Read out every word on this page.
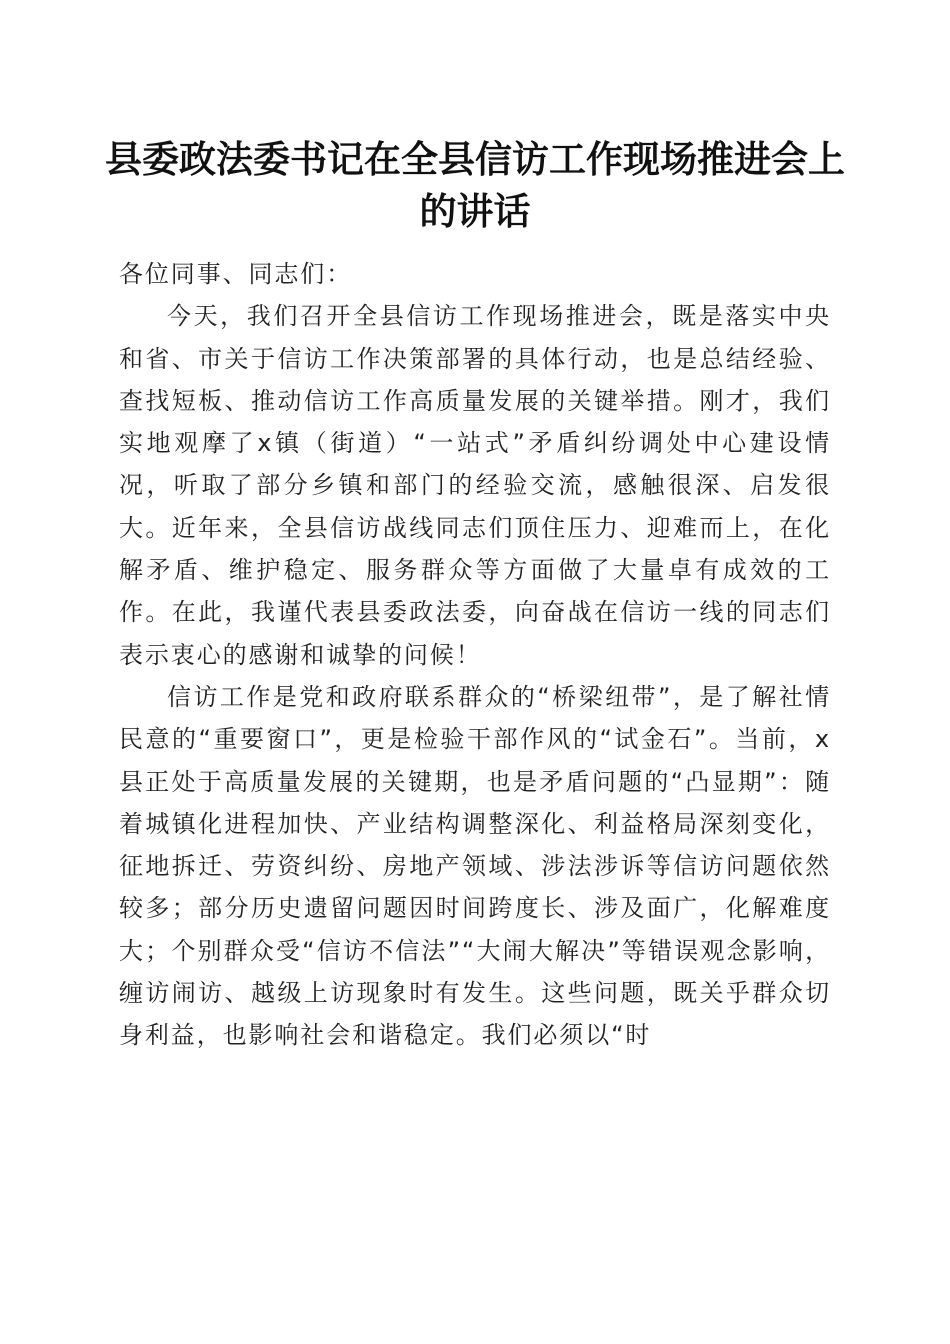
县委政法委书记在全县信访工作现场推进会上的讲话

各位同事、同志们：

今天，我们召开全县信访工作现场推进会，既是落实中央和省、市关于信访工作决策部署的具体行动，也是总结经验、查找短板、推动信访工作高质量发展的关键举措。刚才，我们实地观摩了x镇（街道）“一站式”矛盾纠纷调处中心建设情况，听取了部分乡镇和部门的经验交流，感触很深、启发很大。近年来，全县信访战线同志们顶住压力、迎难而上，在化解矛盾、维护稳定、服务群众等方面做了大量卓有成效的工作。在此，我谨代表县委政法委，向奋战在信访一线的同志们表示衷心的感谢和诚挚的问候！

信访工作是党和政府联系群众的“桥梁纽带”，是了解社情民意的“重要窗口”，更是检验干部作风的“试金石”。当前，x县正处于高质量发展的关键期，也是矛盾问题的“凸显期”：随着城镇化进程加快、产业结构调整深化、利益格局深刻变化，征地拆迁、劳资纠纷、房地产领域、涉法涉诉等信访问题依然较多；部分历史遗留问题因时间跨度长、涉及面广，化解难度大；个别群众受“信访不信法”“大闹大解决”等错误观念影响，缠访闹访、越级上访现象时有发生。这些问题，既关乎群众切身利益，也影响社会和谐稳定。我们必须以“时
